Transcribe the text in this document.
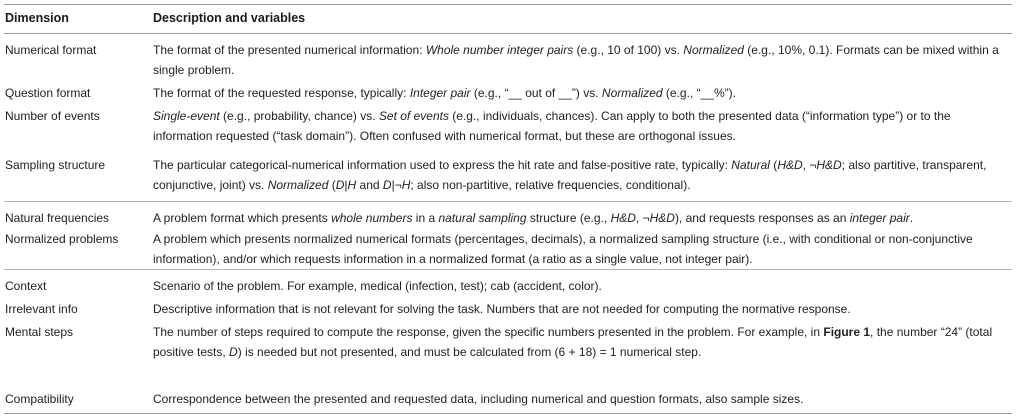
Dimension	Description and variables
Numerical format	The format of the presented numerical information: Whole number integer pairs (e.g., 10 of 100) vs. Normalized (e.g., 10%, 0.1). Formats can be mixed within a single problem.
Question format	The format of the requested response, typically: Integer pair (e.g., “__ out of __”) vs. Normalized (e.g., “__%”).
Number of events	Single-event (e.g., probability, chance) vs. Set of events (e.g., individuals, chances). Can apply to both the presented data (“information type”) or to the information requested (“task domain”). Often confused with numerical format, but these are orthogonal issues.
Sampling structure	The particular categorical-numerical information used to express the hit rate and false-positive rate, typically: Natural (H&D, ¬H&D; also partitive, transparent, conjunctive, joint) vs. Normalized (D|H and D|¬H; also non-partitive, relative frequencies, conditional).
Natural frequencies	A problem format which presents whole numbers in a natural sampling structure (e.g., H&D, ¬H&D), and requests responses as an integer pair.
Normalized problems	A problem which presents normalized numerical formats (percentages, decimals), a normalized sampling structure (i.e., with conditional or non-conjunctive information), and/or which requests information in a normalized format (a ratio as a single value, not integer pair).
Context	Scenario of the problem. For example, medical (infection, test); cab (accident, color).
Irrelevant info	Descriptive information that is not relevant for solving the task. Numbers that are not needed for computing the normative response.
Mental steps	The number of steps required to compute the response, given the specific numbers presented in the problem. For example, in Figure 1, the number “24” (total positive tests, D) is needed but not presented, and must be calculated from (6 + 18) = 1 numerical step.
Compatibility	Correspondence between the presented and requested data, including numerical and question formats, also sample sizes.
